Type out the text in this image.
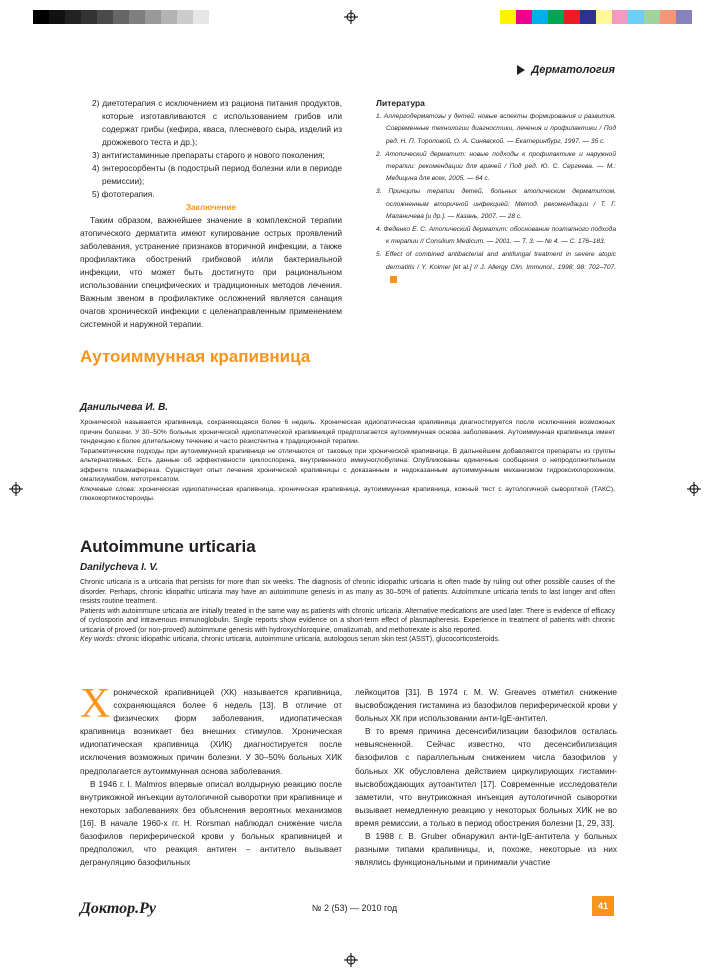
Дерматология
2) диетотерапия с исключением из рациона питания продуктов, которые изготавливаются с использованием грибов или содержат грибы (кефира, кваса, плесневого сыра, изделий из дрожжевого теста и др.);
3) антигистаминные препараты старого и нового поколения;
4) энтеросорбенты (в подострый период болезни или в периоде ремиссии);
5) фототерапия.

Заключение

Таким образом, важнейшее значение в комплексной терапии атопического дерматита имеют купирование острых проявлений заболевания, устранение признаков вторичной инфекции, а также профилактика обострений грибковой и/или бактериальной инфекции, что может быть достигнуто при рациональном использовании специфических и традиционных методов лечения. Важным звеном в профилактике осложнений является санация очагов хронической инфекции с целенаправленным применением системной и наружной терапии.

Литература
1. Аллергодерматозы у детей: новые аспекты формирования и развития. Современные технологии диагностики, лечения и профилактики / Под ред. Н. П. Тороповой, О. А. Синявской. — Екатеринбург, 1997. — 35 с.
2. Атопический дерматит: новые подходы к профилактике и наружной терапии: рекомендации для врачей / Под ред. Ю. С. Сергеева. — М.: Медицина для всех, 2005. — 64 с.
3. Принципы терапии детей, больных атопическим дерматитом, осложненным вторичной инфекцией: Метод. рекомендации / Т. Г. Маланичева [и др.]. — Казань, 2007. — 28 с.
4. Феденко Е. С. Атопический дерматит: обоснование поэтапного подхода к терапии // Consilium Medicum. — 2001. — Т. 3. — № 4. — С. 176–183.
5. Effect of combined antibacterial and antifungal treatment in severe atopic dermatitis / Y. Kolmer [et al.] // J. Allergy Clin. Immunol., 1998; 98: 702–707.
Аутоиммунная крапивница
Данилычева И. В.

Хронической называется крапивница, сохраняющаяся более 6 недель. Хроническая идиопатическая крапивница диагностируется после исключения возможных причин болезни. У 30–50% больных хронической идиопатической крапивницей предполагается аутоиммунная основа заболевания. Аутоиммунная крапивница имеет тенденцию к более длительному течению и часто резистентна к традиционной терапии.

Терапевтические подходы при аутоиммунной крапивнице не отличаются от таковых при хронической крапивнице. В дальнейшем добавляются препараты из группы альтернативных. Есть данные об эффективности циклоспорина, внутривенного иммуноглобулина. Опубликованы единичные сообщения о непродолжительном эффекте плазмафереза. Существует опыт лечения хронической крапивницы с доказанным и недоказанным аутоиммунным механизмом гидроксихлорохином, омализумабом, метотрексатом.

Ключевые слова: хроническая идиопатическая крапивница, хроническая крапивница, аутоиммунная крапивница, кожный тест с аутологичной сывороткой (ТАКС), глюкокортикостероиды.

Autoimmune urticaria
Danilycheva I. V.

Chronic urticaria is a urticaria that persists for more than six weeks. The diagnosis of chronic idiopathic urticaria is often made by ruling out other possible causes of the disorder. Perhaps, chronic idiopathic urticaria may have an autoimmune genesis in as many as 30–50% of patients. Autoimmune urticaria tends to last longer and often resists routine treatment.

Patients with autoimmune urticaria are initially treated in the same way as patients with chronic urticaria. Alternative medications are used later. There is evidence of efficacy of cyclosporin and intravenous immunoglobulin. Single reports show evidence on a short-term effect of plasmapheresis. Experience in treatment of patients with chronic urticaria of proved (or non-proved) autoimmune genesis with hydroxychloroquine, omalizumab, and methotrexate is also reported.

Key words: chronic idiopathic urticaria, chronic urticaria, autoimmune urticaria, autologous serum skin test (ASST), glucocorticosteroids.

Хронической крапивницей (ХК) называется крапивница, сохраняющаяся более 6 недель [13]. В отличие от физических форм заболевания, идиопатическая крапивница возникает без внешних стимулов. Хроническая идиопатическая крапивница (ХИК) диагностируется после исключения возможных причин болезни. У 30–50% больных ХИК предполагается аутоиммунная основа заболевания.

В 1946 г. I. Malmros впервые описал волдырную реакцию после внутрикожной инъекции аутологичной сыворотки при крапивнице и некоторых заболеваниях без объяснения вероятных механизмов [16]. В начале 1960-х гг. H. Rorsman наблюдал снижение числа базофилов периферической крови у больных крапивницей и предположил, что реакция антиген – антитело вызывает дегрануляцию базофильных

лейкоцитов [31]. В 1974 г. M. W. Greaves отметил снижение высвобождения гистамина из базофилов периферической крови у больных ХК при использовании анти-IgE-антител.

В то время причина десенсибилизации базофилов осталась невыясненной. Сейчас известно, что десенсибилизация базофилов с параллельным снижением числа базофилов у больных ХК обусловлена действием циркулирующих гистамин-высвобождающих аутоантител [17]. Современные исследователи заметили, что внутрикожная инъекция аутологичной сыворотки вызывает немедленную реакцию у некоторых больных ХИК не во время ремиссии, а только в период обострения болезни [1, 29, 33].

В 1988 г. B. Gruber обнаружил анти-IgE-антитела у больных разными типами крапивницы, и, похоже, некоторые из них являлись функциональными и принимали участие

Доктор.Ру	№ 2 (53) — 2010 год	41
